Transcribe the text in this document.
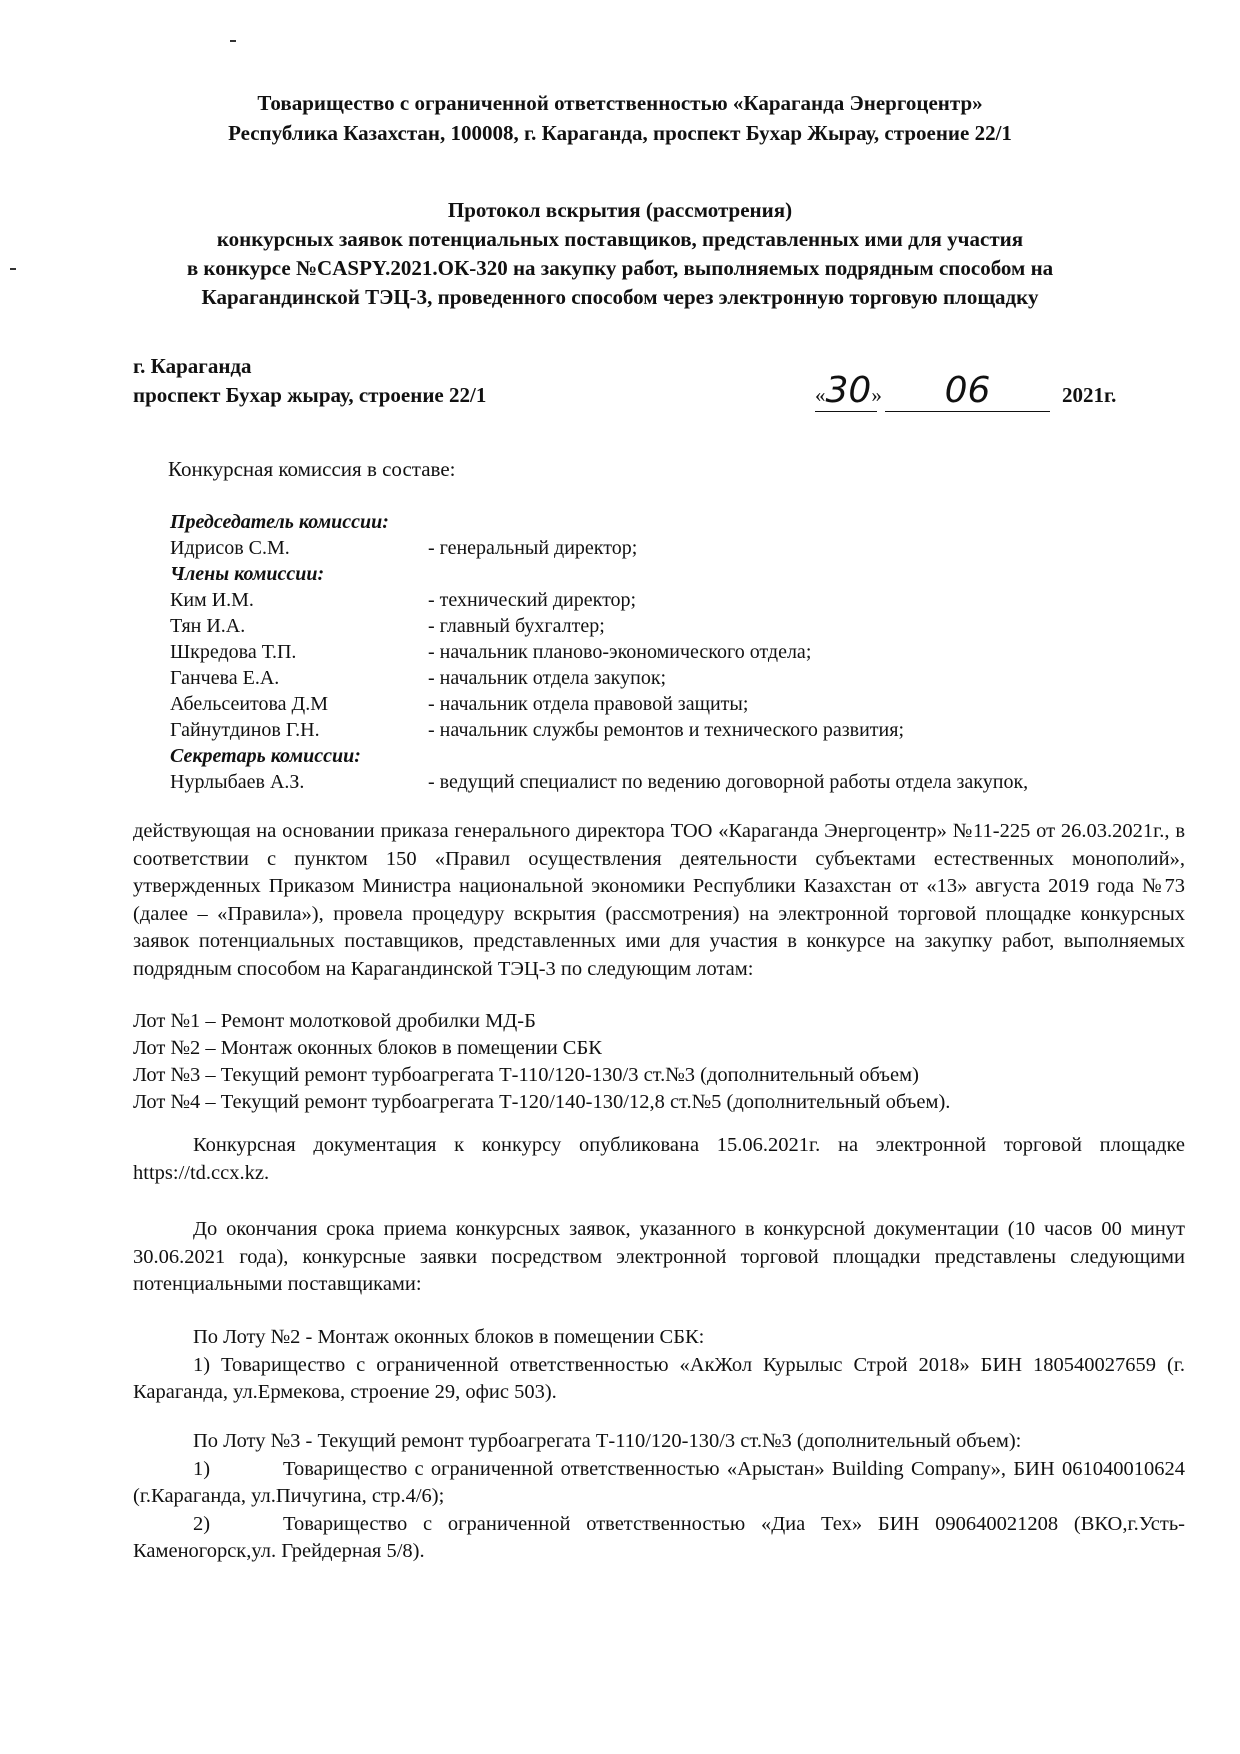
Товарищество с ограниченной ответственностью «Караганда Энергоцентр»
Республика Казахстан, 100008, г. Караганда, проспект Бухар Жырау, строение 22/1
Протокол вскрытия (рассмотрения)
конкурсных заявок потенциальных поставщиков, представленных ими для участия
в конкурсе №CASPY.2021.ОК-320 на закупку работ, выполняемых подрядным способом на
Карагандинской ТЭЦ-3, проведенного способом через электронную торговую площадку
г. Караганда
проспект Бухар жырау, строение 22/1	«30» 06	2021г.
Конкурсная комиссия в составе:
Председатель комиссии:
Идрисов С.М.	- генеральный директор;
Члены комиссии:
Ким И.М.	- технический директор;
Тян И.А.	- главный бухгалтер;
Шкредова Т.П.	- начальник планово-экономического отдела;
Ганчева Е.А.	- начальник отдела закупок;
Абельсеитова Д.М	- начальник отдела правовой защиты;
Гайнутдинов Г.Н.	- начальник службы ремонтов и технического развития;
Секретарь комиссии:
Нурлыбаев А.З.	- ведущий специалист по ведению договорной работы отдела закупок,
действующая на основании приказа генерального директора ТОО «Караганда Энергоцентр» №11-225 от 26.03.2021г., в соответствии с пунктом 150 «Правил осуществления деятельности субъектами естественных монополий», утвержденных Приказом Министра национальной экономики Республики Казахстан от «13» августа 2019 года №73 (далее – «Правила»), провела процедуру вскрытия (рассмотрения) на электронной торговой площадке конкурсных заявок потенциальных поставщиков, представленных ими для участия в конкурсе на закупку работ, выполняемых подрядным способом на Карагандинской ТЭЦ-3 по следующим лотам:
Лот №1 – Ремонт молотковой дробилки МД-Б
Лот №2 – Монтаж оконных блоков в помещении СБК
Лот №3 – Текущий ремонт турбоагрегата Т-110/120-130/3 ст.№3 (дополнительный объем)
Лот №4 – Текущий ремонт турбоагрегата Т-120/140-130/12,8 ст.№5 (дополнительный объем).
Конкурсная документация к конкурсу опубликована 15.06.2021г. на электронной торговой площадке https://td.ccx.kz.
До окончания срока приема конкурсных заявок, указанного в конкурсной документации (10 часов 00 минут 30.06.2021 года), конкурсные заявки посредством электронной торговой площадки представлены следующими потенциальными поставщиками:
По Лоту №2 - Монтаж оконных блоков в помещении СБК:
1) Товарищество с ограниченной ответственностью «АкЖол Курылыс Строй 2018» БИН 180540027659 (г. Караганда, ул.Ермекова, строение 29, офис 503).
По Лоту №3 - Текущий ремонт турбоагрегата Т-110/120-130/3 ст.№3 (дополнительный объем):
1)	Товарищество с ограниченной ответственностью «Арыстан» Building Company», БИН 061040010624 (г.Караганда, ул.Пичугина, стр.4/6);
2)	Товарищество с ограниченной ответственностью «Диа Тех» БИН 090640021208 (ВКО,г.Усть-Каменогорск,ул. Грейдерная 5/8).
